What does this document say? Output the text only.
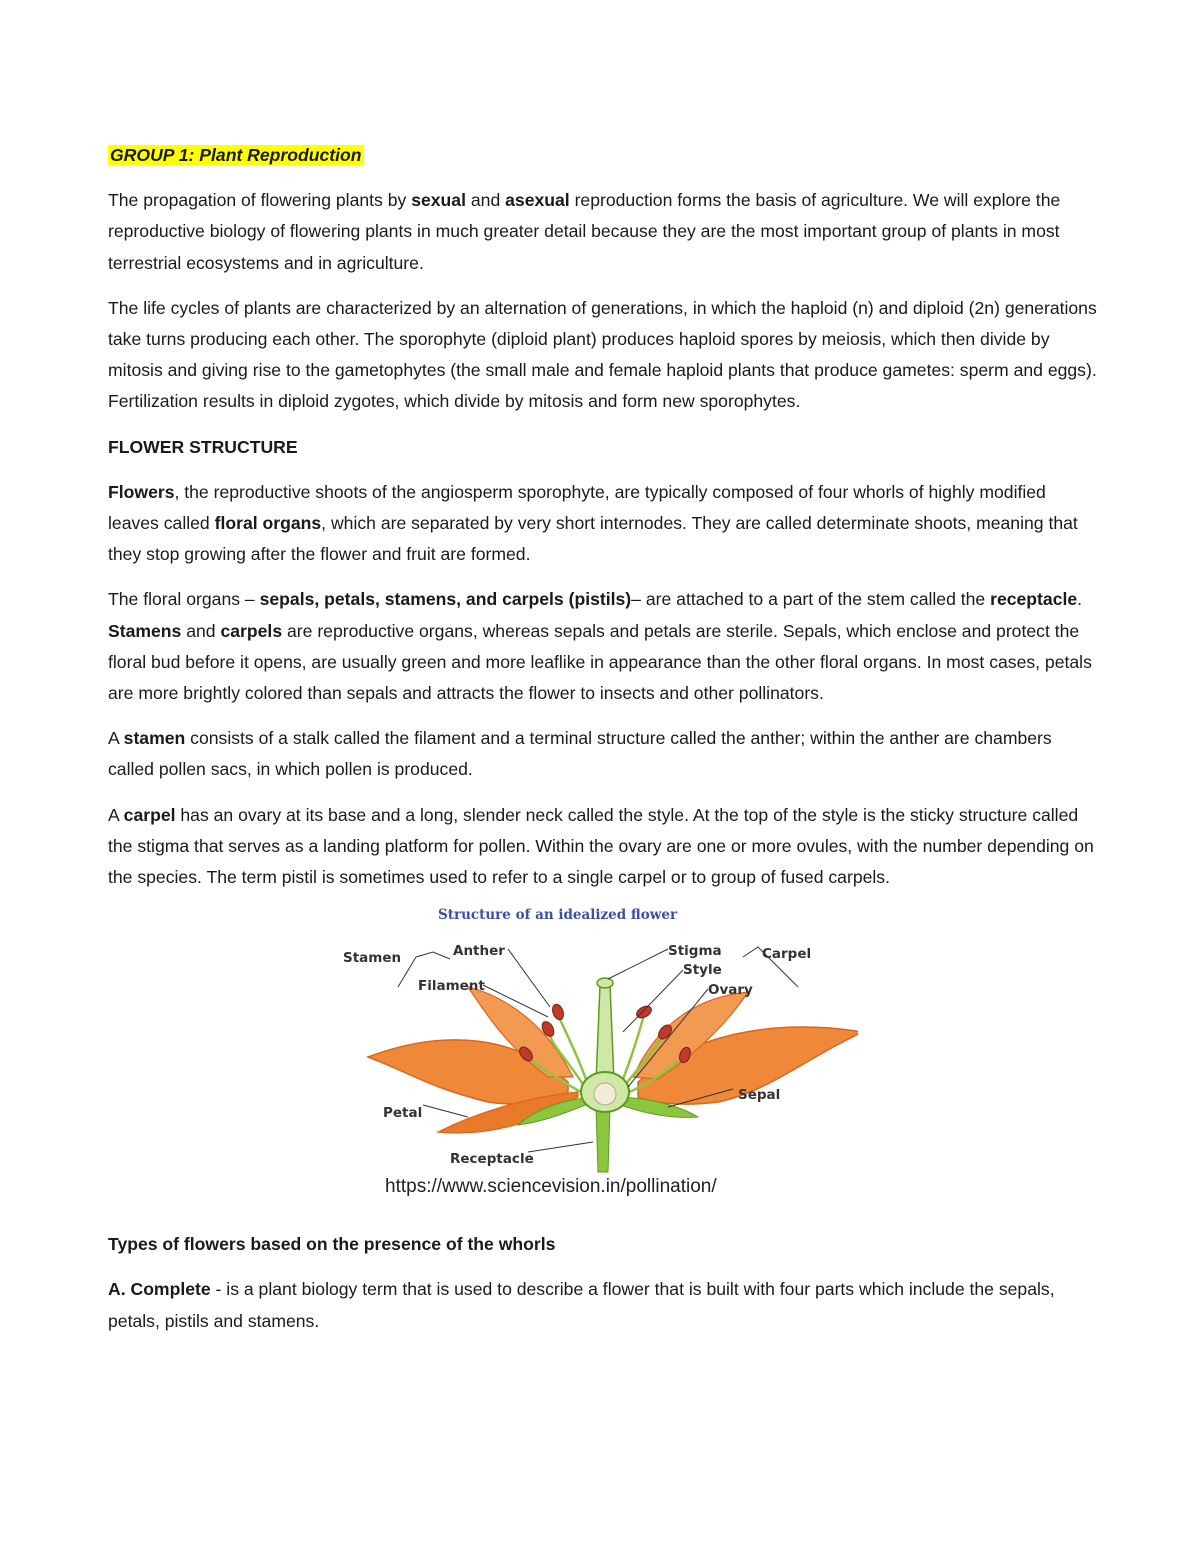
GROUP 1: Plant Reproduction

The propagation of flowering plants by sexual and asexual reproduction forms the basis of agriculture. We will explore the reproductive biology of flowering plants in much greater detail because they are the most important group of plants in most terrestrial ecosystems and in agriculture.

The life cycles of plants are characterized by an alternation of generations, in which the haploid (n) and diploid (2n) generations take turns producing each other. The sporophyte (diploid plant) produces haploid spores by meiosis, which then divide by mitosis and giving rise to the gametophytes (the small male and female haploid plants that produce gametes: sperm and eggs). Fertilization results in diploid zygotes, which divide by mitosis and form new sporophytes.

FLOWER STRUCTURE

Flowers, the reproductive shoots of the angiosperm sporophyte, are typically composed of four whorls of highly modified leaves called floral organs, which are separated by very short internodes. They are called determinate shoots, meaning that they stop growing after the flower and fruit are formed.

The floral organs – sepals, petals, stamens, and carpels (pistils)– are attached to a part of the stem called the receptacle. Stamens and carpels are reproductive organs, whereas sepals and petals are sterile. Sepals, which enclose and protect the floral bud before it opens, are usually green and more leaflike in appearance than the other floral organs. In most cases, petals are more brightly colored than sepals and attracts the flower to insects and other pollinators.

A stamen consists of a stalk called the filament and a terminal structure called the anther; within the anther are chambers called pollen sacs, in which pollen is produced.

A carpel has an ovary at its base and a long, slender neck called the style. At the top of the style is the sticky structure called the stigma that serves as a landing platform for pollen. Within the ovary are one or more ovules, with the number depending on the species. The term pistil is sometimes used to refer to a single carpel or to group of fused carpels.

Structure of an idealized flower
Stamen	Anther
Filament
Stigma
Style
Ovary
Carpel
Petal
Sepal
Receptacle
https://www.sciencevision.in/pollination/

Types of flowers based on the presence of the whorls

A. Complete - is a plant biology term that is used to describe a flower that is built with four parts which include the sepals, petals, pistils and stamens.
